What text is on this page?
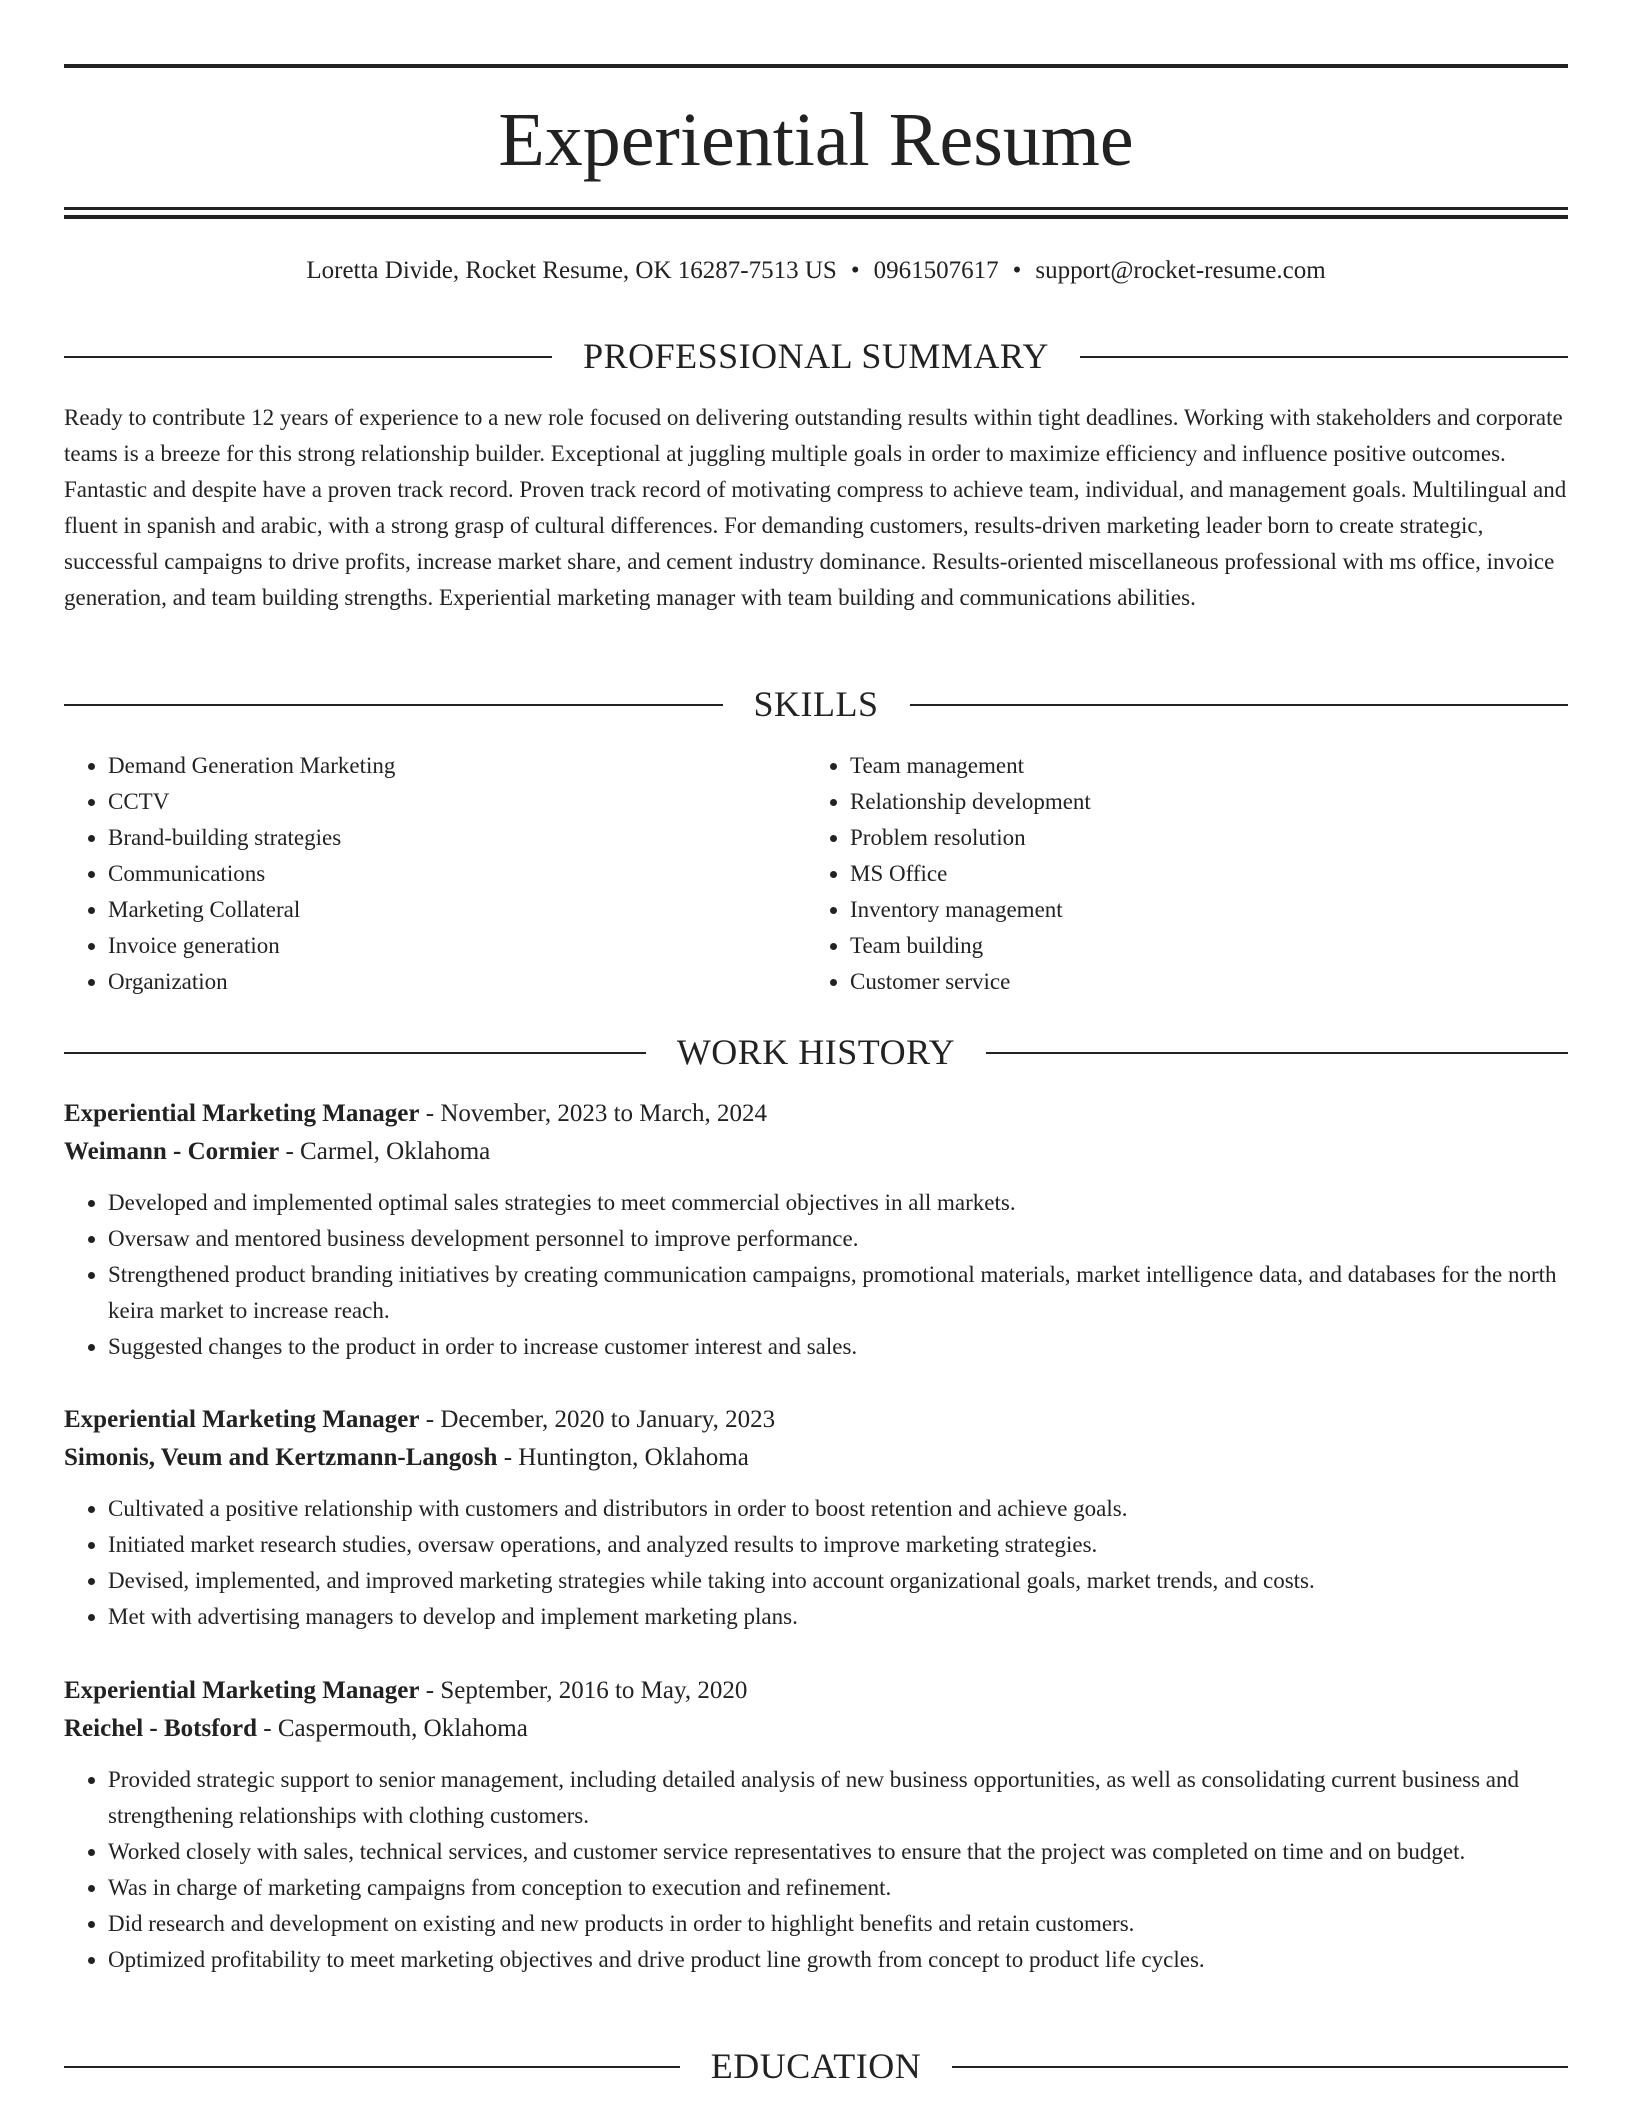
Experiential Resume
Loretta Divide, Rocket Resume, OK 16287-7513 US • 0961507617 • support@rocket-resume.com
PROFESSIONAL SUMMARY

Ready to contribute 12 years of experience to a new role focused on delivering outstanding results within tight deadlines. Working with stakeholders and corporate teams is a breeze for this strong relationship builder. Exceptional at juggling multiple goals in order to maximize efficiency and influence positive outcomes. Fantastic and despite have a proven track record. Proven track record of motivating compress to achieve team, individual, and management goals. Multilingual and fluent in spanish and arabic, with a strong grasp of cultural differences. For demanding customers, results-driven marketing leader born to create strategic, successful campaigns to drive profits, increase market share, and cement industry dominance. Results-oriented miscellaneous professional with ms office, invoice generation, and team building strengths. Experiential marketing manager with team building and communications abilities.

SKILLS
• Demand Generation Marketing
• CCTV
• Brand-building strategies
• Communications
• Marketing Collateral
• Invoice generation
• Organization
• Team management
• Relationship development
• Problem resolution
• MS Office
• Inventory management
• Team building
• Customer service
WORK HISTORY
Experiential Marketing Manager - November, 2023 to March, 2024
Weimann - Cormier - Carmel, Oklahoma
• Developed and implemented optimal sales strategies to meet commercial objectives in all markets.
• Oversaw and mentored business development personnel to improve performance.
• Strengthened product branding initiatives by creating communication campaigns, promotional materials, market intelligence data, and databases for the north keira market to increase reach.
• Suggested changes to the product in order to increase customer interest and sales.
Experiential Marketing Manager - December, 2020 to January, 2023
Simonis, Veum and Kertzmann-Langosh - Huntington, Oklahoma
• Cultivated a positive relationship with customers and distributors in order to boost retention and achieve goals.
• Initiated market research studies, oversaw operations, and analyzed results to improve marketing strategies.
• Devised, implemented, and improved marketing strategies while taking into account organizational goals, market trends, and costs.
• Met with advertising managers to develop and implement marketing plans.
Experiential Marketing Manager - September, 2016 to May, 2020
Reichel - Botsford - Caspermouth, Oklahoma
• Provided strategic support to senior management, including detailed analysis of new business opportunities, as well as consolidating current business and strengthening relationships with clothing customers.
• Worked closely with sales, technical services, and customer service representatives to ensure that the project was completed on time and on budget.
• Was in charge of marketing campaigns from conception to execution and refinement.
• Did research and development on existing and new products in order to highlight benefits and retain customers.
• Optimized profitability to meet marketing objectives and drive product line growth from concept to product life cycles.
EDUCATION
